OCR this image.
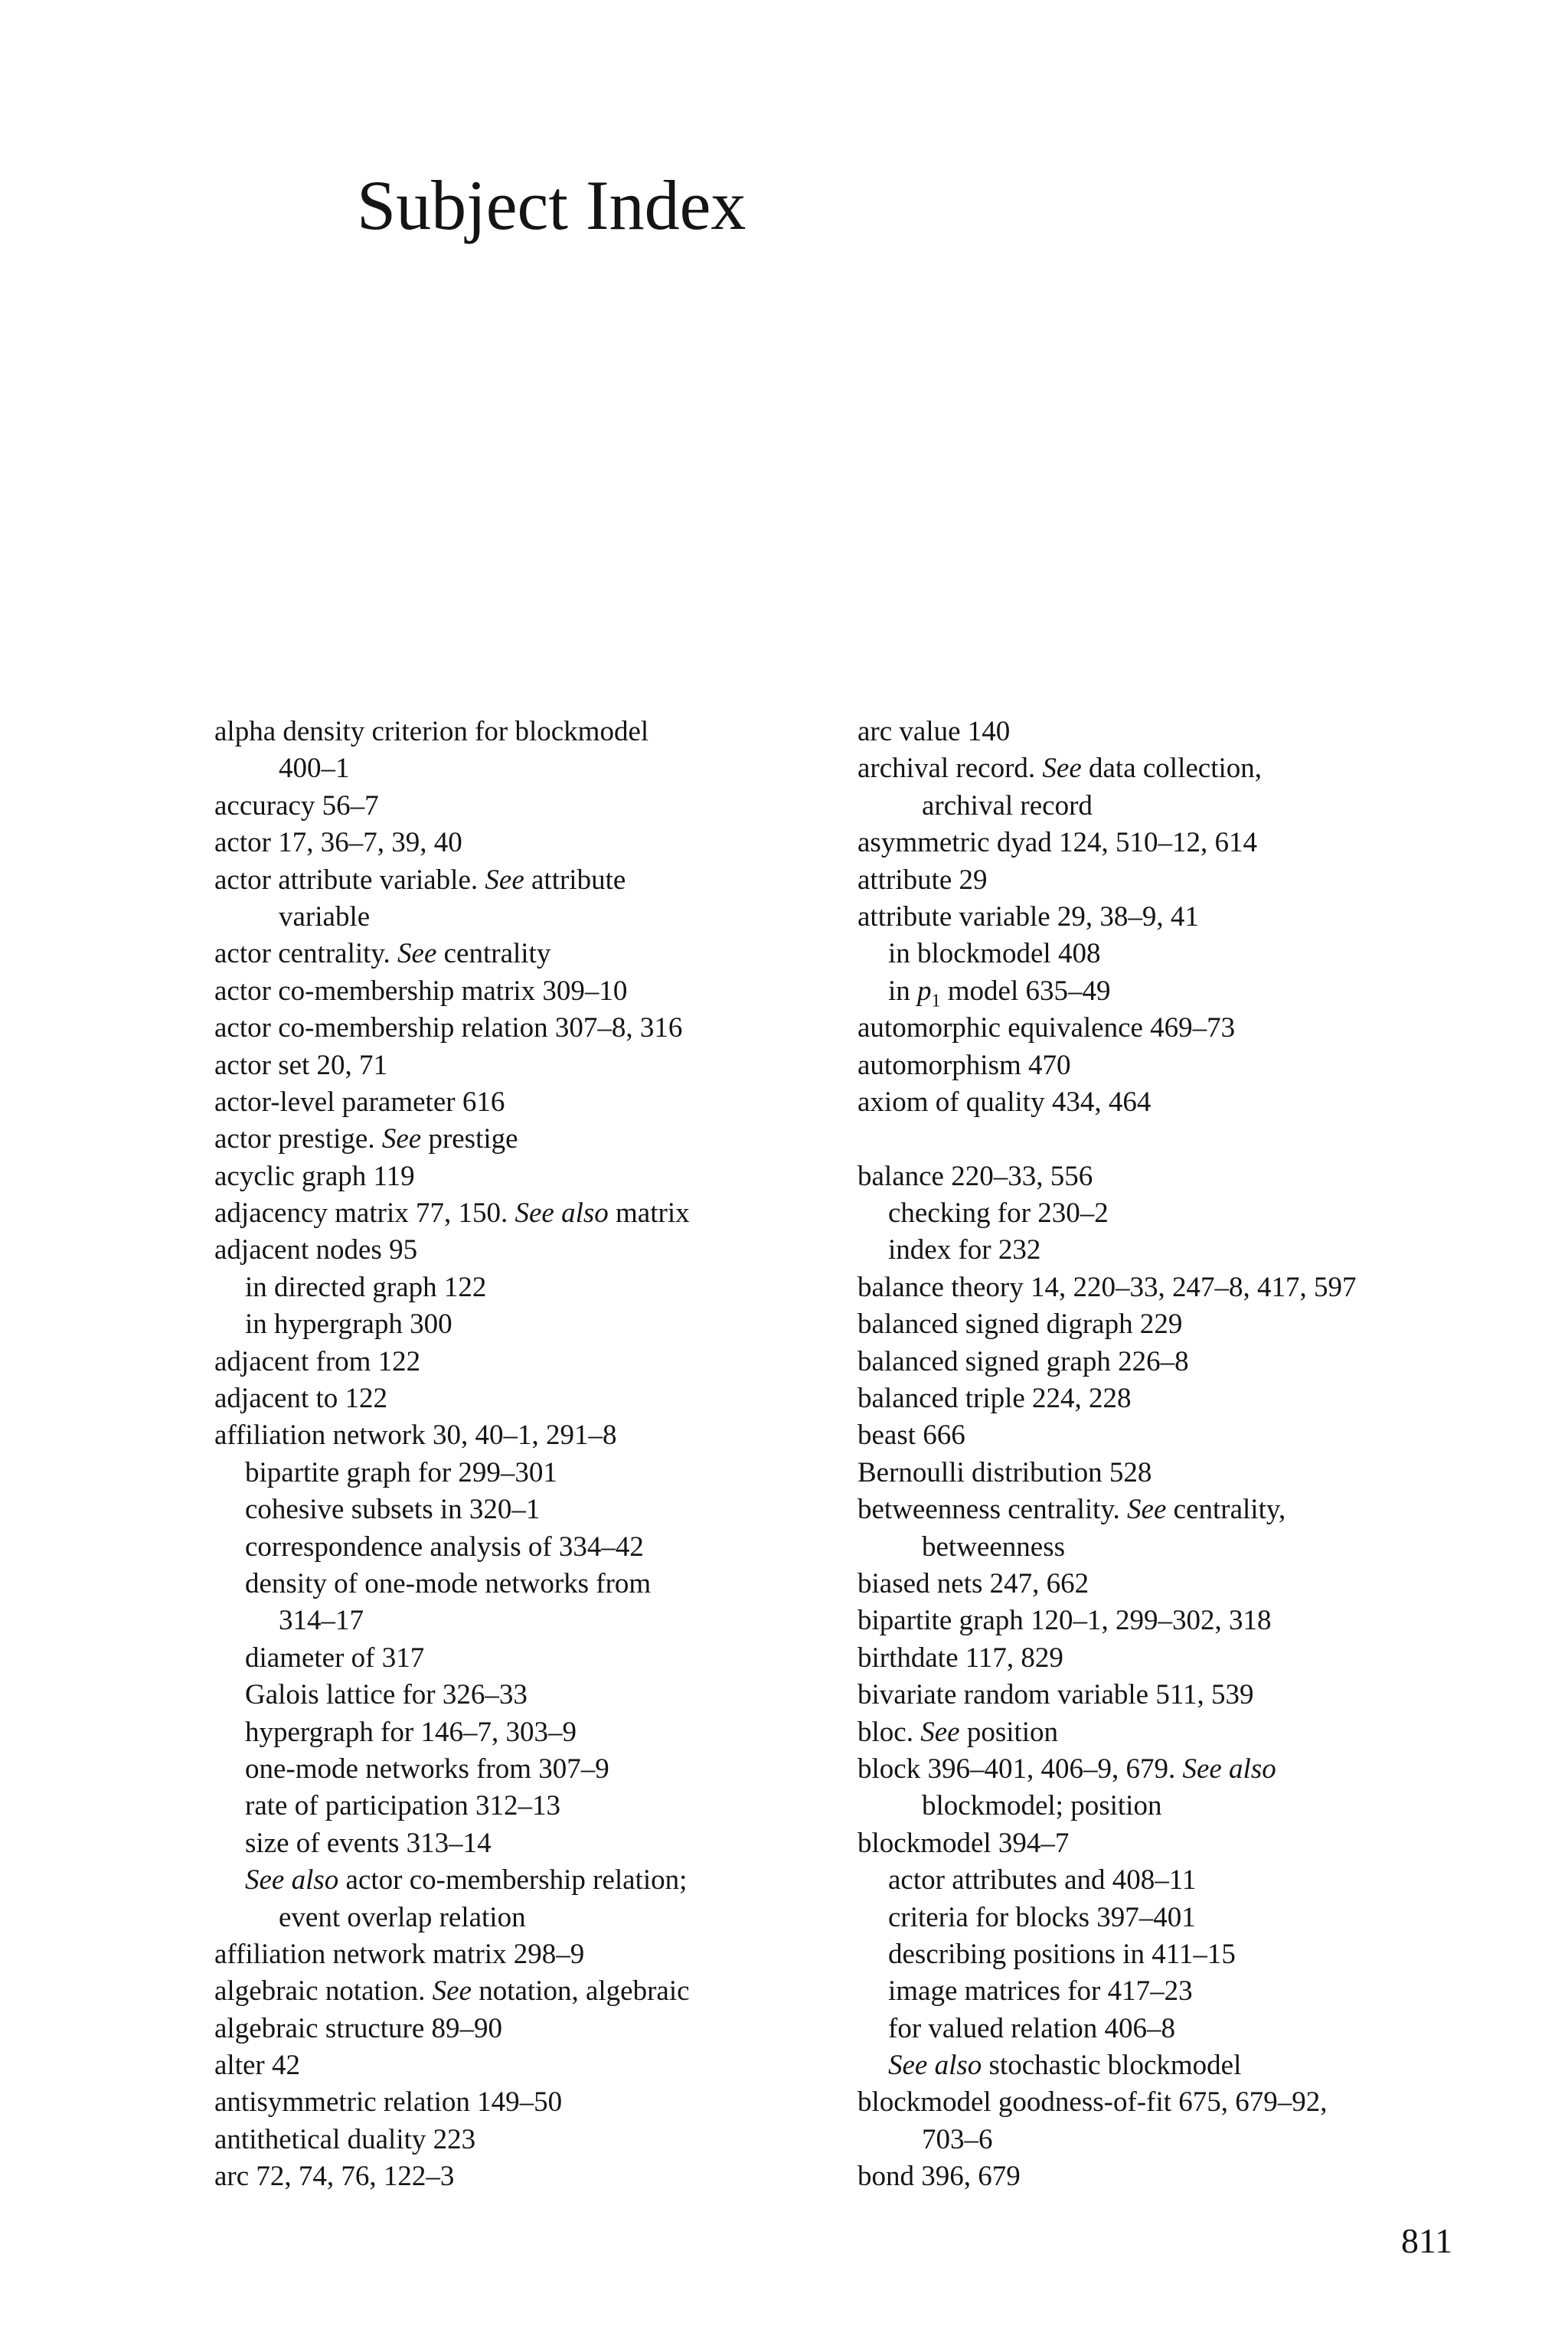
Subject Index
alpha density criterion for blockmodel
400–1
accuracy 56–7
actor 17, 36–7, 39, 40
actor attribute variable. See attribute
variable
actor centrality. See centrality
actor co-membership matrix 309–10
actor co-membership relation 307–8, 316
actor set 20, 71
actor-level parameter 616
actor prestige. See prestige
acyclic graph 119
adjacency matrix 77, 150. See also matrix
adjacent nodes 95
in directed graph 122
in hypergraph 300
adjacent from 122
adjacent to 122
affiliation network 30, 40–1, 291–8
bipartite graph for 299–301
cohesive subsets in 320–1
correspondence analysis of 334–42
density of one-mode networks from
314–17
diameter of 317
Galois lattice for 326–33
hypergraph for 146–7, 303–9
one-mode networks from 307–9
rate of participation 312–13
size of events 313–14
See also actor co-membership relation;
event overlap relation
affiliation network matrix 298–9
algebraic notation. See notation, algebraic
algebraic structure 89–90
alter 42
antisymmetric relation 149–50
antithetical duality 223
arc 72, 74, 76, 122–3
arc value 140
archival record. See data collection,
archival record
asymmetric dyad 124, 510–12, 614
attribute 29
attribute variable 29, 38–9, 41
in blockmodel 408
in $p_1$ model 635–49
automorphic equivalence 469–73
automorphism 470
axiom of quality 434, 464
balance 220–33, 556
checking for 230–2
index for 232
balance theory 14, 220–33, 247–8, 417, 597
balanced signed digraph 229
balanced signed graph 226–8
balanced triple 224, 228
beast 666
Bernoulli distribution 528
betweenness centrality. See centrality,
betweenness
biased nets 247, 662
bipartite graph 120–1, 299–302, 318
birthdate 117, 829
bivariate random variable 511, 539
bloc. See position
block 396–401, 406–9, 679. See also
blockmodel; position
blockmodel 394–7
actor attributes and 408–11
criteria for blocks 397–401
describing positions in 411–15
image matrices for 417–23
for valued relation 406–8
See also stochastic blockmodel
blockmodel goodness-of-fit 675, 679–92,
703–6
bond 396, 679
811
